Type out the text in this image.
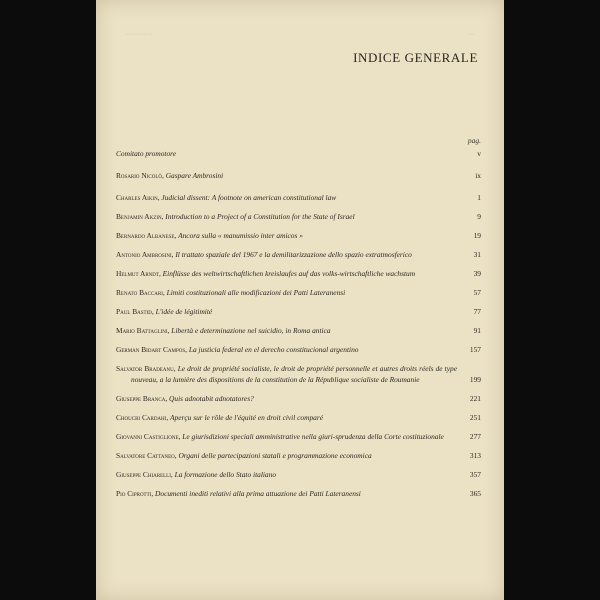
·········	···
INDICE GENERALE
pag.
Comitato promotore	v
Rosario Nicolò, Gaspare Ambrosini	ix
Charles Aikin, Judicial dissent: A footnote on american constitutional law	1
Benjamin Akzin, Introduction to a Project of a Constitution for the State of Israel	9
Bernardo Albanese, Ancora sulla « manumissio inter amicos »	19
Antonio Ambrosini, Il trattato spaziale del 1967 e la demilitarizzazione dello spazio extratmosferico	31
Helmut Arndt, Einflüsse des weltwirtschaftlichen kreislaufes auf das volks-wirtschaftliche wachstum	39
Renato Baccari, Limiti costituzionali alle modificazioni dei Patti Lateranensi	57
Paul Bastid, L'idée de légitimité	77
Mario Battaglini, Libertà e determinazione nel suicidio, in Roma antica	91
German Bidart Campos, La justicia federal en el derecho constitucional argentino	157
Salvator Bradeanu, Le droit de propriété socialiste, le droit de propriété personnelle et autres droits réels de type nouveau, a la lumière des dispositions de la constitution de la République socialiste de Roumanie	199
Giuseppe Branca, Quis adnotabit adnotatores?	221
Choucri Cardahi, Aperçu sur le rôle de l'équité en droit civil comparé	251
Giovanni Castiglione, Le giurisdizioni speciali amministrative nella giuri-sprudenza della Corte costituzionale	277
Salvatore Cattaneo, Organi delle partecipazioni statali e programmazione economica	313
Giuseppe Chiarelli, La formazione dello Stato italiano	357
Pio Ciprotti, Documenti inediti relativi alla prima attuazione dei Patti Lateranensi	365
